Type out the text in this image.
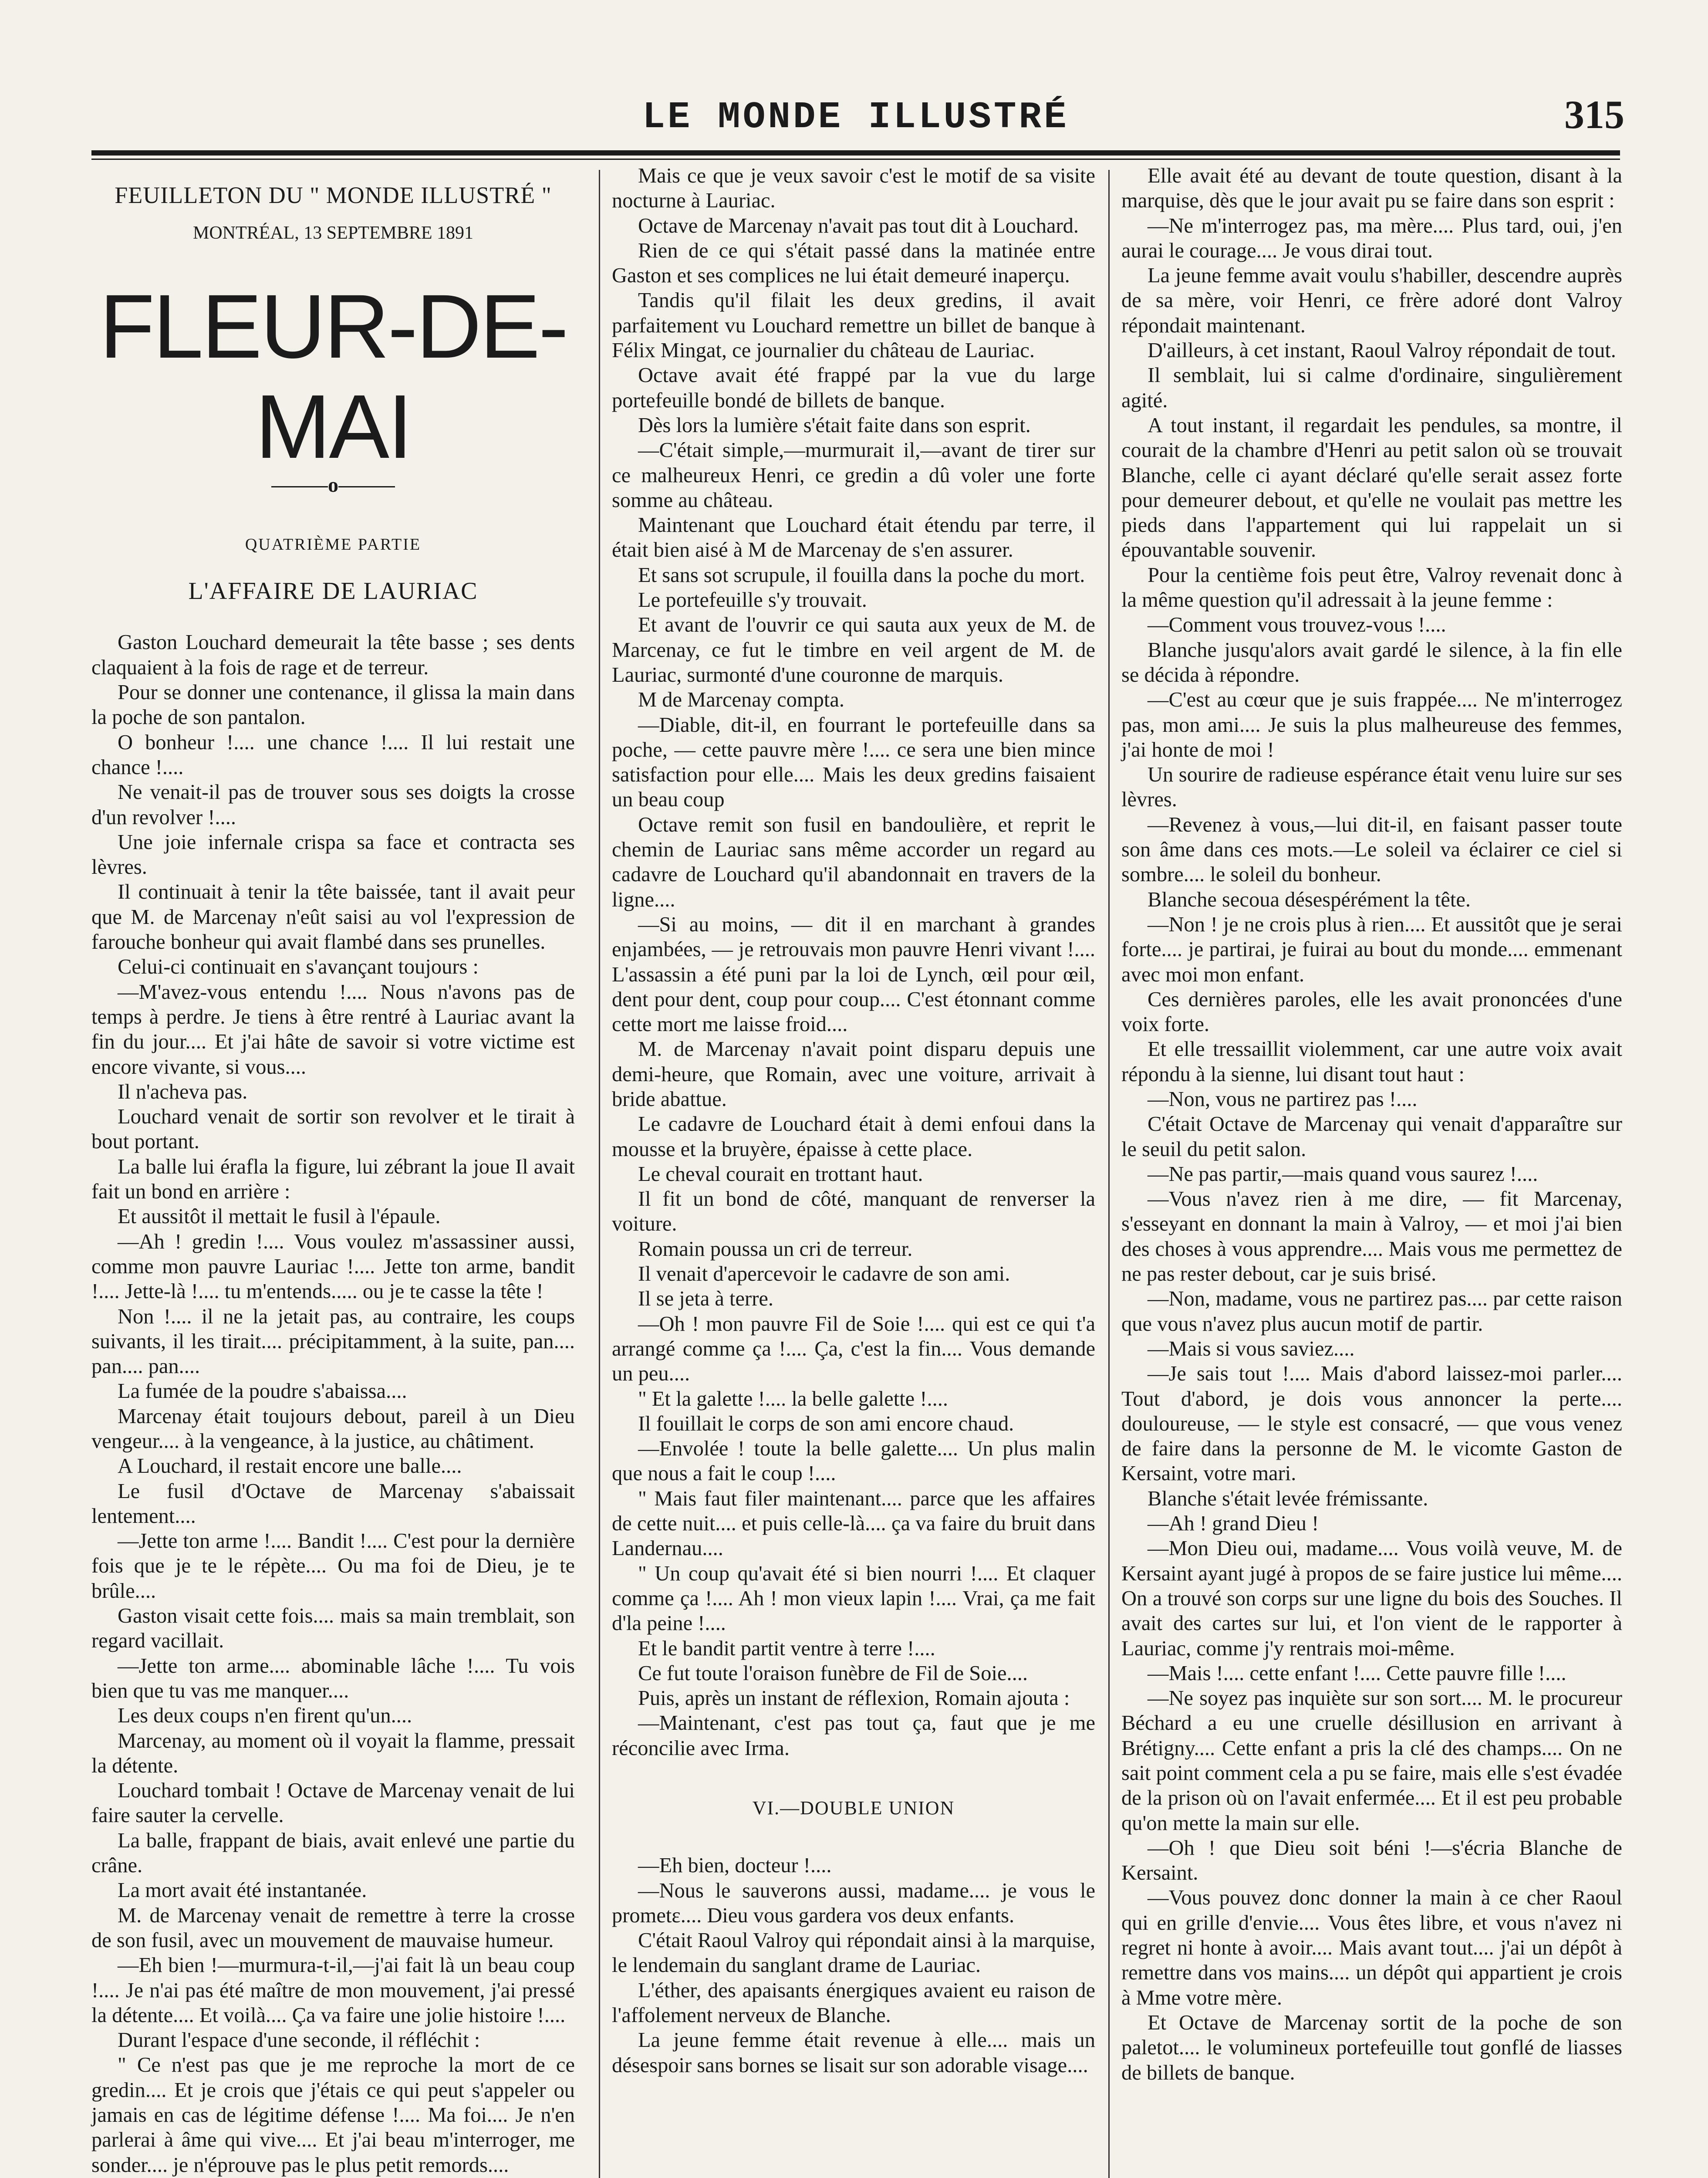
LE MONDE ILLUSTRÉ	315
FEUILLETON DU " MONDE ILLUSTRÉ "
MONTRÉAL, 13 SEPTEMBRE 1891
FLEUR-DE-MAI
o
QUATRIÈME PARTIE
L'AFFAIRE DE LAURIAC

Gaston Louchard demeurait la tête basse ; ses dents claquaient à la fois de rage et de terreur.

Pour se donner une contenance, il glissa la main dans la poche de son pantalon.

O bonheur !.... une chance !.... Il lui restait une chance !....

Ne venait-il pas de trouver sous ses doigts la crosse d'un revolver !....

Une joie infernale crispa sa face et contracta ses lèvres.

Il continuait à tenir la tête baissée, tant il avait peur que M. de Marcenay n'eût saisi au vol l'expression de farouche bonheur qui avait flambé dans ses prunelles.

Celui-ci continuait en s'avançant toujours :

—M'avez-vous entendu !.... Nous n'avons pas de temps à perdre. Je tiens à être rentré à Lauriac avant la fin du jour.... Et j'ai hâte de savoir si votre victime est encore vivante, si vous....

Il n'acheva pas.

Louchard venait de sortir son revolver et le tirait à bout portant.

La balle lui érafla la figure, lui zébrant la joue Il avait fait un bond en arrière :

Et aussitôt il mettait le fusil à l'épaule.

—Ah ! gredin !.... Vous voulez m'assassiner aussi, comme mon pauvre Lauriac !.... Jette ton arme, bandit !.... Jette-là !.... tu m'entends..... ou je te casse la tête !

Non !.... il ne la jetait pas, au contraire, les coups suivants, il les tirait.... précipitamment, à la suite, pan.... pan.... pan....

La fumée de la poudre s'abaissa....

Marcenay était toujours debout, pareil à un Dieu vengeur.... à la vengeance, à la justice, au châtiment.

A Louchard, il restait encore une balle....

Le fusil d'Octave de Marcenay s'abaissait lentement....

—Jette ton arme !.... Bandit !.... C'est pour la dernière fois que je te le répète.... Ou ma foi de Dieu, je te brûle....

Gaston visait cette fois.... mais sa main tremblait, son regard vacillait.

—Jette ton arme.... abominable lâche !.... Tu vois bien que tu vas me manquer....

Les deux coups n'en firent qu'un....

Marcenay, au moment où il voyait la flamme, pressait la détente.

Louchard tombait ! Octave de Marcenay venait de lui faire sauter la cervelle.

La balle, frappant de biais, avait enlevé une partie du crâne.

La mort avait été instantanée.

M. de Marcenay venait de remettre à terre la crosse de son fusil, avec un mouvement de mauvaise humeur.

—Eh bien !—murmura-t-il,—j'ai fait là un beau coup !.... Je n'ai pas été maître de mon mouvement, j'ai pressé la détente.... Et voilà.... Ça va faire une jolie histoire !....

Durant l'espace d'une seconde, il réfléchit :

" Ce n'est pas que je me reproche la mort de ce gredin.... Et je crois que j'étais ce qui peut s'appeler ou jamais en cas de légitime défense !.... Ma foi.... Je n'en parlerai à âme qui vive.... Et j'ai beau m'interroger, me sonder.... je n'éprouve pas le plus petit remords....

Mais ce que je veux savoir c'est le motif de sa visite nocturne à Lauriac.

Octave de Marcenay n'avait pas tout dit à Louchard.

Rien de ce qui s'était passé dans la matinée entre Gaston et ses complices ne lui était demeuré inaperçu.

Tandis qu'il filait les deux gredins, il avait parfaitement vu Louchard remettre un billet de banque à Félix Mingat, ce journalier du château de Lauriac.

Octave avait été frappé par la vue du large portefeuille bondé de billets de banque.

Dès lors la lumière s'était faite dans son esprit.

—C'était simple,—murmurait il,—avant de tirer sur ce malheureux Henri, ce gredin a dû voler une forte somme au château.

Maintenant que Louchard était étendu par terre, il était bien aisé à M de Marcenay de s'en assurer.

Et sans sot scrupule, il fouilla dans la poche du mort.

Le portefeuille s'y trouvait.

Et avant de l'ouvrir ce qui sauta aux yeux de M. de Marcenay, ce fut le timbre en veil argent de M. de Lauriac, surmonté d'une couronne de marquis.

M de Marcenay compta.

—Diable, dit-il, en fourrant le portefeuille dans sa poche, — cette pauvre mère !.... ce sera une bien mince satisfaction pour elle.... Mais les deux gredins faisaient un beau coup

Octave remit son fusil en bandoulière, et reprit le chemin de Lauriac sans même accorder un regard au cadavre de Louchard qu'il abandonnait en travers de la ligne....

—Si au moins, — dit il en marchant à grandes enjambées, — je retrouvais mon pauvre Henri vivant !.... L'assassin a été puni par la loi de Lynch, œil pour œil, dent pour dent, coup pour coup.... C'est étonnant comme cette mort me laisse froid....

M. de Marcenay n'avait point disparu depuis une demi-heure, que Romain, avec une voiture, arrivait à bride abattue.

Le cadavre de Louchard était à demi enfoui dans la mousse et la bruyère, épaisse à cette place.

Le cheval courait en trottant haut.

Il fit un bond de côté, manquant de renverser la voiture.

Romain poussa un cri de terreur.

Il venait d'apercevoir le cadavre de son ami.

Il se jeta à terre.

—Oh ! mon pauvre Fil de Soie !.... qui est ce qui t'a arrangé comme ça !.... Ça, c'est la fin.... Vous demande un peu....

" Et la galette !.... la belle galette !....

Il fouillait le corps de son ami encore chaud.

—Envolée ! toute la belle galette.... Un plus malin que nous a fait le coup !....

" Mais faut filer maintenant.... parce que les affaires de cette nuit.... et puis celle-là.... ça va faire du bruit dans Landernau....

" Un coup qu'avait été si bien nourri !.... Et claquer comme ça !.... Ah ! mon vieux lapin !.... Vrai, ça me fait d'la peine !....

Et le bandit partit ventre à terre !....

Ce fut toute l'oraison funèbre de Fil de Soie....

Puis, après un instant de réflexion, Romain ajouta :

—Maintenant, c'est pas tout ça, faut que je me réconcilie avec Irma.

VI.—DOUBLE UNION

—Eh bien, docteur !....

—Nous le sauverons aussi, madame.... je vous le prometε.... Dieu vous gardera vos deux enfants.

C'était Raoul Valroy qui répondait ainsi à la marquise, le lendemain du sanglant drame de Lauriac.

L'éther, des apaisants énergiques avaient eu raison de l'affolement nerveux de Blanche.

La jeune femme était revenue à elle.... mais un désespoir sans bornes se lisait sur son adorable visage....

Elle avait été au devant de toute question, disant à la marquise, dès que le jour avait pu se faire dans son esprit :

—Ne m'interrogez pas, ma mère.... Plus tard, oui, j'en aurai le courage.... Je vous dirai tout.

La jeune femme avait voulu s'habiller, descendre auprès de sa mère, voir Henri, ce frère adoré dont Valroy répondait maintenant.

D'ailleurs, à cet instant, Raoul Valroy répondait de tout.

Il semblait, lui si calme d'ordinaire, singulièrement agité.

A tout instant, il regardait les pendules, sa montre, il courait de la chambre d'Henri au petit salon où se trouvait Blanche, celle ci ayant déclaré qu'elle serait assez forte pour demeurer debout, et qu'elle ne voulait pas mettre les pieds dans l'appartement qui lui rappelait un si épouvantable souvenir.

Pour la centième fois peut être, Valroy revenait donc à la même question qu'il adressait à la jeune femme :

—Comment vous trouvez-vous !....

Blanche jusqu'alors avait gardé le silence, à la fin elle se décida à répondre.

—C'est au cœur que je suis frappée.... Ne m'interrogez pas, mon ami.... Je suis la plus malheureuse des femmes, j'ai honte de moi !

Un sourire de radieuse espérance était venu luire sur ses lèvres.

—Revenez à vous,—lui dit-il, en faisant passer toute son âme dans ces mots.—Le soleil va éclairer ce ciel si sombre.... le soleil du bonheur.

Blanche secoua désespérément la tête.

—Non ! je ne crois plus à rien.... Et aussitôt que je serai forte.... je partirai, je fuirai au bout du monde.... emmenant avec moi mon enfant.

Ces dernières paroles, elle les avait prononcées d'une voix forte.

Et elle tressaillit violemment, car une autre voix avait répondu à la sienne, lui disant tout haut :

—Non, vous ne partirez pas !....

C'était Octave de Marcenay qui venait d'apparaître sur le seuil du petit salon.

—Ne pas partir,—mais quand vous saurez !....

—Vous n'avez rien à me dire, — fit Marcenay, s'esseyant en donnant la main à Valroy, — et moi j'ai bien des choses à vous apprendre.... Mais vous me permettez de ne pas rester debout, car je suis brisé.

—Non, madame, vous ne partirez pas.... par cette raison que vous n'avez plus aucun motif de partir.

—Mais si vous saviez....

—Je sais tout !.... Mais d'abord laissez-moi parler.... Tout d'abord, je dois vous annoncer la perte.... douloureuse, — le style est consacré, — que vous venez de faire dans la personne de M. le vicomte Gaston de Kersaint, votre mari.

Blanche s'était levée frémissante.

—Ah ! grand Dieu !

—Mon Dieu oui, madame.... Vous voilà veuve, M. de Kersaint ayant jugé à propos de se faire justice lui même.... On a trouvé son corps sur une ligne du bois des Souches. Il avait des cartes sur lui, et l'on vient de le rapporter à Lauriac, comme j'y rentrais moi-même.

—Mais !.... cette enfant !.... Cette pauvre fille !....

—Ne soyez pas inquiète sur son sort.... M. le procureur Béchard a eu une cruelle désillusion en arrivant à Brétigny.... Cette enfant a pris la clé des champs.... On ne sait point comment cela a pu se faire, mais elle s'est évadée de la prison où on l'avait enfermée.... Et il est peu probable qu'on mette la main sur elle.

—Oh ! que Dieu soit béni !—s'écria Blanche de Kersaint.

—Vous pouvez donc donner la main à ce cher Raoul qui en grille d'envie.... Vous êtes libre, et vous n'avez ni regret ni honte à avoir.... Mais avant tout.... j'ai un dépôt à remettre dans vos mains.... un dépôt qui appartient je crois à Mme votre mère.

Et Octave de Marcenay sortit de la poche de son paletot.... le volumineux portefeuille tout gonflé de liasses de billets de banque.
